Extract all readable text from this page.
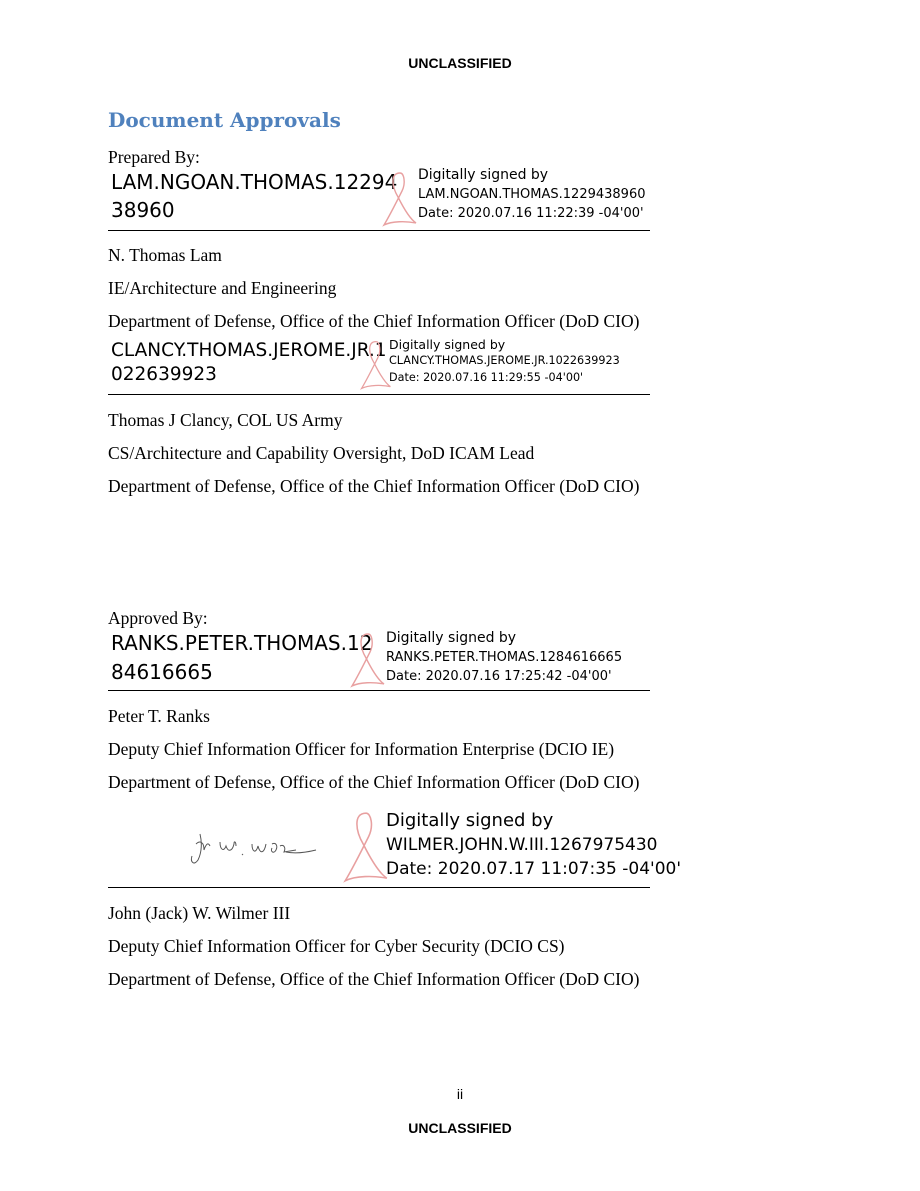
UNCLASSIFIED
Document Approvals
Prepared By:
LAM.NGOAN.THOMAS.12294
38960
Digitally signed by
LAM.NGOAN.THOMAS.1229438960
Date: 2020.07.16 11:22:39 -04'00'
N. Thomas Lam
IE/Architecture and Engineering
Department of Defense, Office of the Chief Information Officer (DoD CIO)
CLANCY.THOMAS.JEROME.JR.1
022639923
Digitally signed by
CLANCY.THOMAS.JEROME.JR.1022639923
Date: 2020.07.16 11:29:55 -04'00'
Thomas J Clancy, COL US Army
CS/Architecture and Capability Oversight, DoD ICAM Lead
Department of Defense, Office of the Chief Information Officer (DoD CIO)
Approved By:
RANKS.PETER.THOMAS.12
84616665
Digitally signed by
RANKS.PETER.THOMAS.1284616665
Date: 2020.07.16 17:25:42 -04'00'
Peter T. Ranks
Deputy Chief Information Officer for Information Enterprise (DCIO IE)
Department of Defense, Office of the Chief Information Officer (DoD CIO)
Digitally signed by
WILMER.JOHN.W.III.1267975430
Date: 2020.07.17 11:07:35 -04'00'
John (Jack) W. Wilmer III
Deputy Chief Information Officer for Cyber Security (DCIO CS)
Department of Defense, Office of the Chief Information Officer (DoD CIO)
ii
UNCLASSIFIED
